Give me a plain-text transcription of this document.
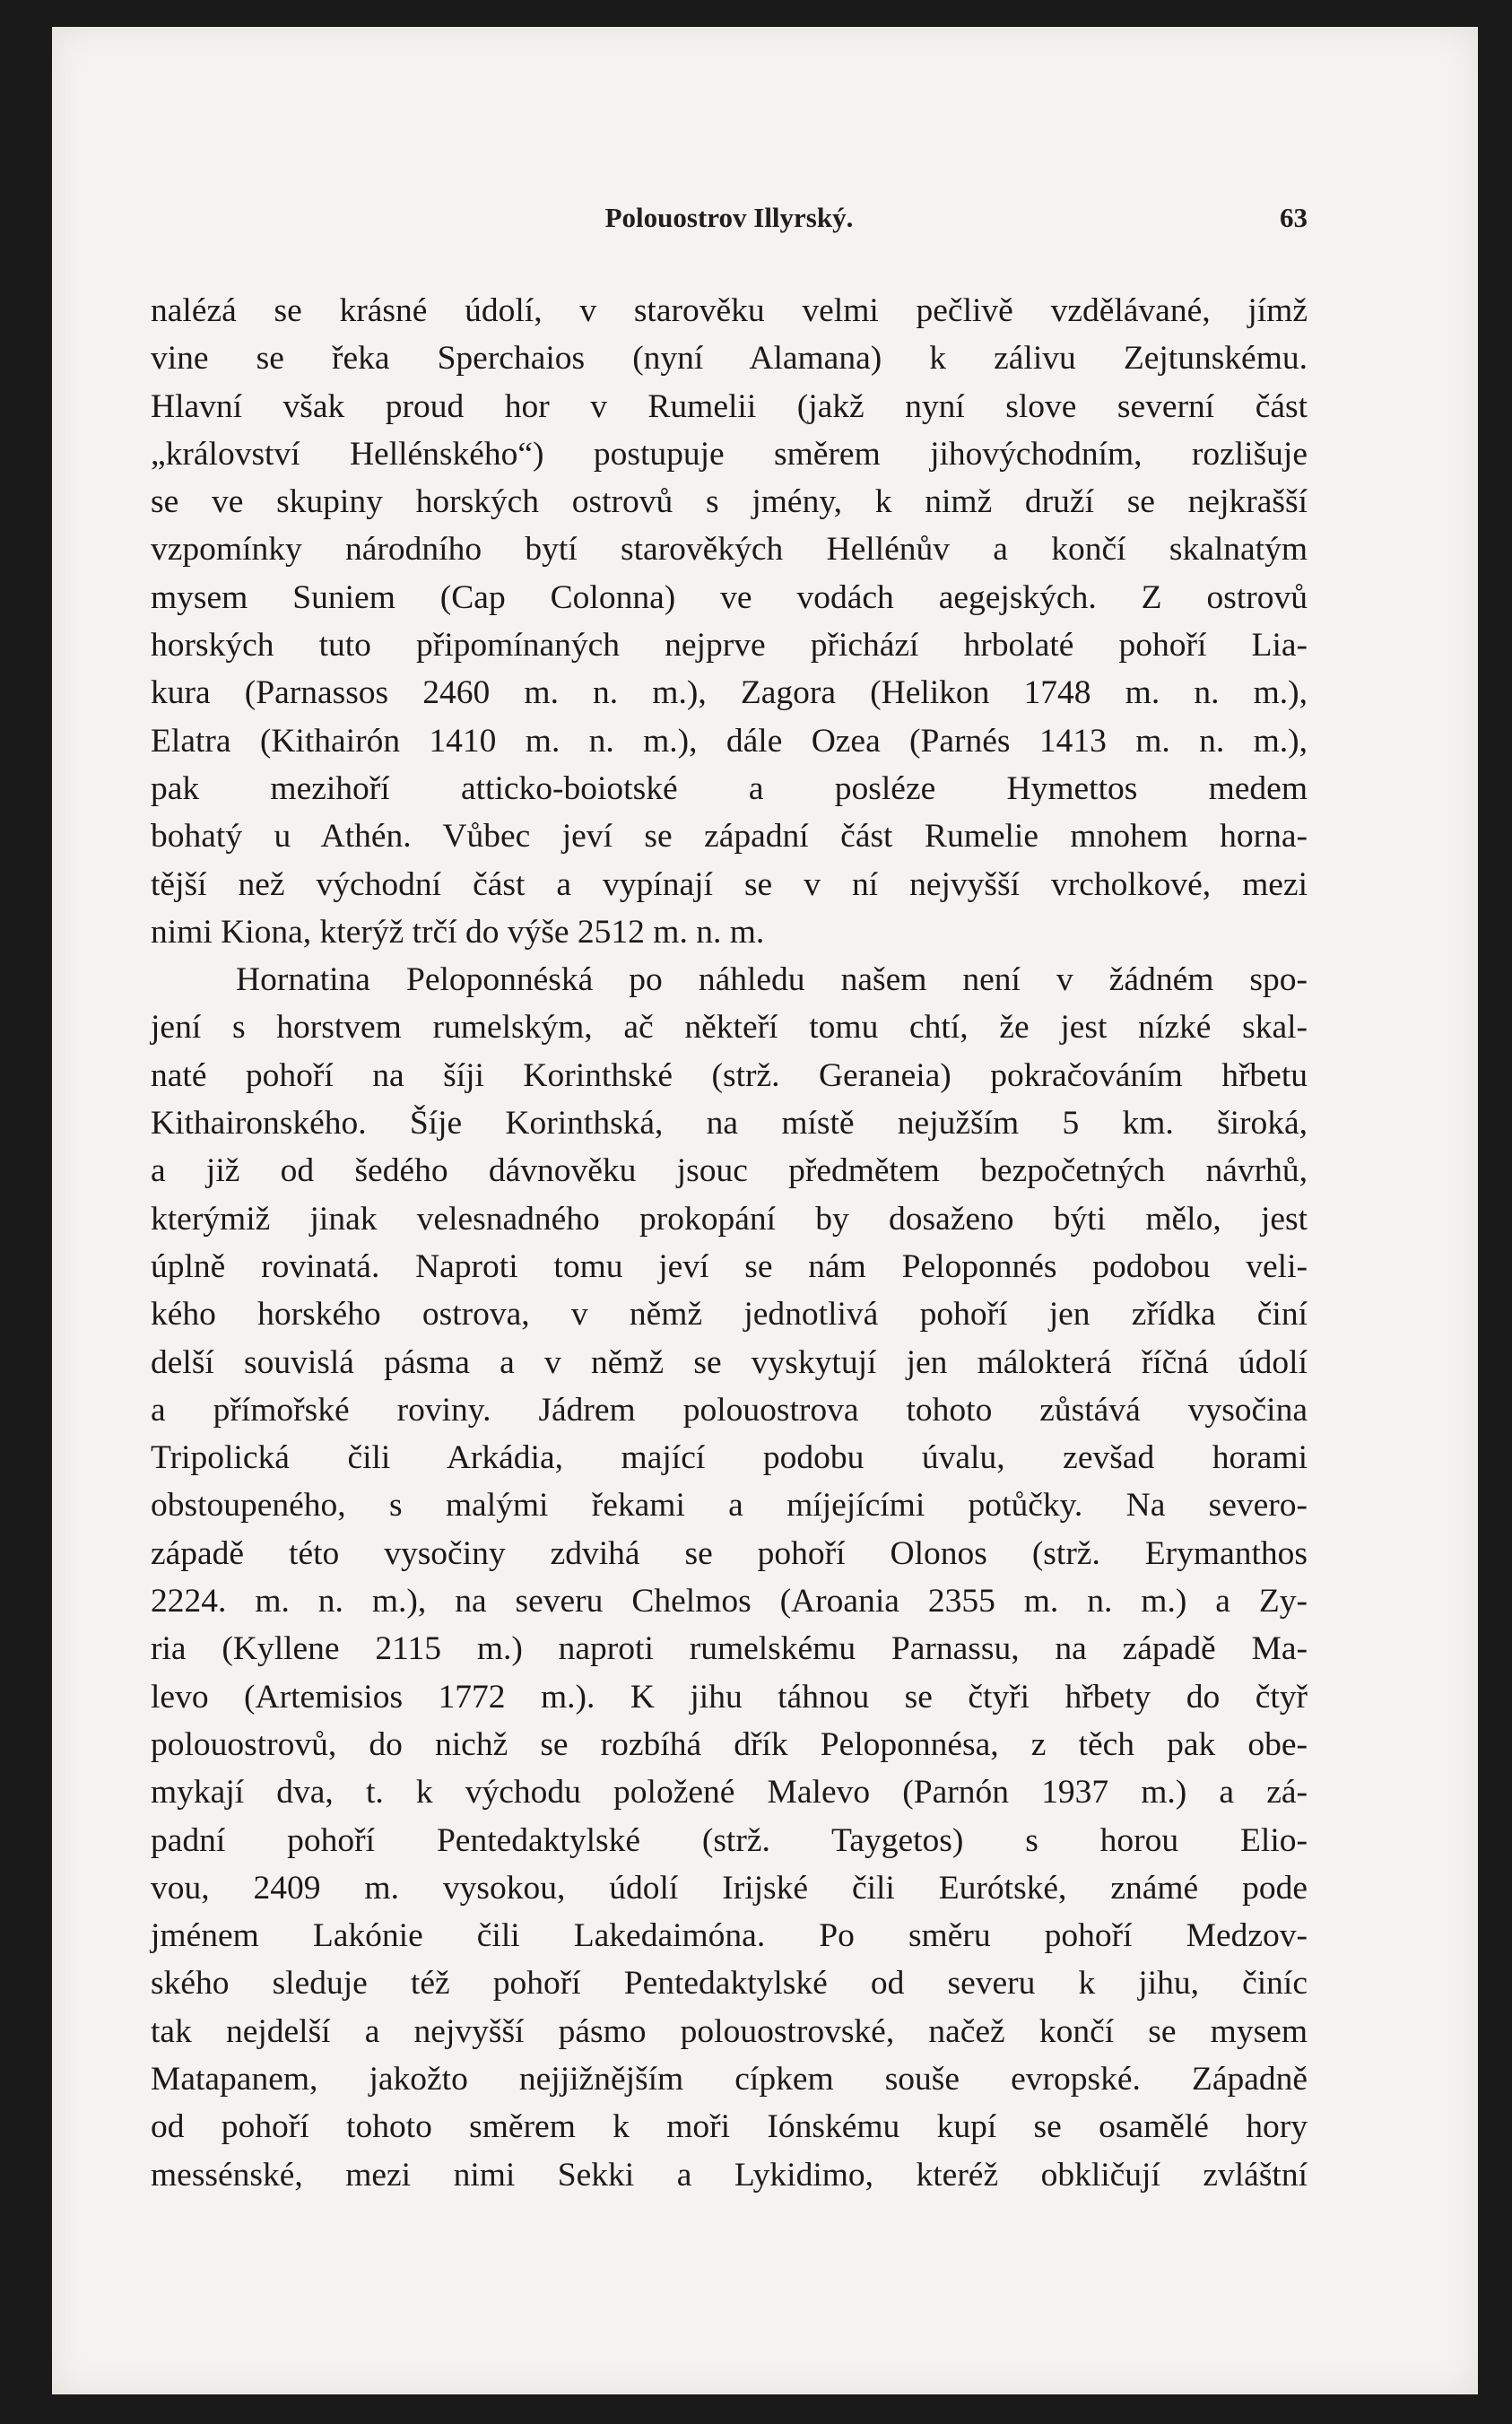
Polouostrov Illyrský.	63
nalézá se krásné údolí, v starověku velmi pečlivě vzdělávané, jímž
vine se řeka Sperchaios (nyní Alamana) k zálivu Zejtunskému.
Hlavní však proud hor v Rumelii (jakž nyní slove severní část
„království Hellénského“) postupuje směrem jihovýchodním, rozlišuje
se ve skupiny horských ostrovů s jmény, k nimž druží se nejkrašší
vzpomínky národního bytí starověkých Hellénův a končí skalnatým
mysem Suniem (Cap Colonna) ve vodách aegejských. Z ostrovů
horských tuto připomínaných nejprve přichází hrbolaté pohoří Lia-
kura (Parnassos 2460 m. n. m.), Zagora (Helikon 1748 m. n. m.),
Elatra (Kithairón 1410 m. n. m.), dále Ozea (Parnés 1413 m. n. m.),
pak mezihoří atticko-boiotské a posléze Hymettos medem
bohatý u Athén. Vůbec jeví se západní část Rumelie mnohem horna-
tější než východní část a vypínají se v ní nejvyšší vrcholkové, mezi
nimi Kiona, kterýž trčí do výše 2512 m. n. m.
Hornatina Peloponnéská po náhledu našem není v žádném spo-
jení s horstvem rumelským, ač někteří tomu chtí, že jest nízké skal-
naté pohoří na šíji Korinthské (strž. Geraneia) pokračováním hřbetu
Kithaironského. Šíje Korinthská, na místě nejužším 5 km. široká,
a již od šedého dávnověku jsouc předmětem bezpočetných návrhů,
kterýmiž jinak velesnadného prokopání by dosaženo býti mělo, jest
úplně rovinatá. Naproti tomu jeví se nám Peloponnés podobou veli-
kého horského ostrova, v němž jednotlivá pohoří jen zřídka činí
delší souvislá pásma a v němž se vyskytují jen málokterá říčná údolí
a přímořské roviny. Jádrem polouostrova tohoto zůstává vysočina
Tripolická čili Arkádia, mající podobu úvalu, zevšad horami
obstoupeného, s malými řekami a míjejícími potůčky. Na severo-
západě této vysočiny zdvihá se pohoří Olonos (strž. Erymanthos
2224. m. n. m.), na severu Chelmos (Aroania 2355 m. n. m.) a Zy-
ria (Kyllene 2115 m.) naproti rumelskému Parnassu, na západě Ma-
levo (Artemisios 1772 m.). K jihu táhnou se čtyři hřbety do čtyř
polouostrovů, do nichž se rozbíhá dřík Peloponnésa, z těch pak obe-
mykají dva, t. k východu položené Malevo (Parnón 1937 m.) a zá-
padní pohoří Pentedaktylské (strž. Taygetos) s horou Elio-
vou, 2409 m. vysokou, údolí Irijské čili Eurótské, známé pode
jménem Lakónie čili Lakedaimóna. Po směru pohoří Medzov-
ského sleduje též pohoří Pentedaktylské od severu k jihu, činíc
tak nejdelší a nejvyšší pásmo polouostrovské, načež končí se mysem
Matapanem, jakožto nejjižnějším cípkem souše evropské. Západně
od pohoří tohoto směrem k moři Iónskému kupí se osamělé hory
messénské, mezi nimi Sekki a Lykidimo, kteréž obkličují zvláštní
